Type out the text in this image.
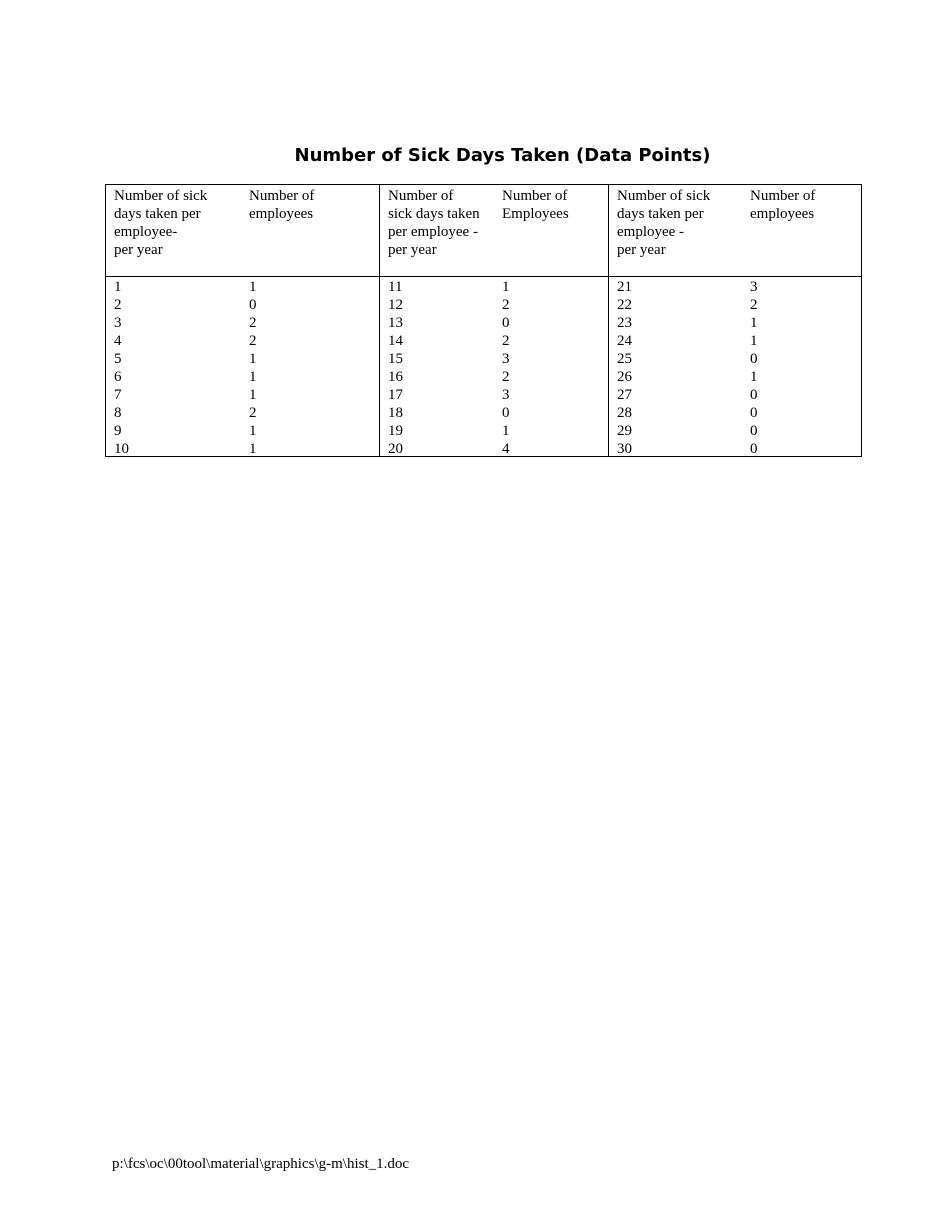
Number of Sick Days Taken (Data Points)
Number of sick
days taken per
employee-
per year
Number of
employees
1
2
3
4
5
6
7
8
9
10
1
0
2
2
1
1
1
2
1
1
Number of
sick days taken
per employee -
per year
Number of
Employees
11
12
13
14
15
16
17
18
19
20
1
2
0
2
3
2
3
0
1
4
Number of sick
days taken per
employee -
per year
Number of
employees
21
22
23
24
25
26
27
28
29
30
3
2
1
1
0
1
0
0
0
0
p:\fcs\oc\00tool\material\graphics\g-m\hist_1.doc
